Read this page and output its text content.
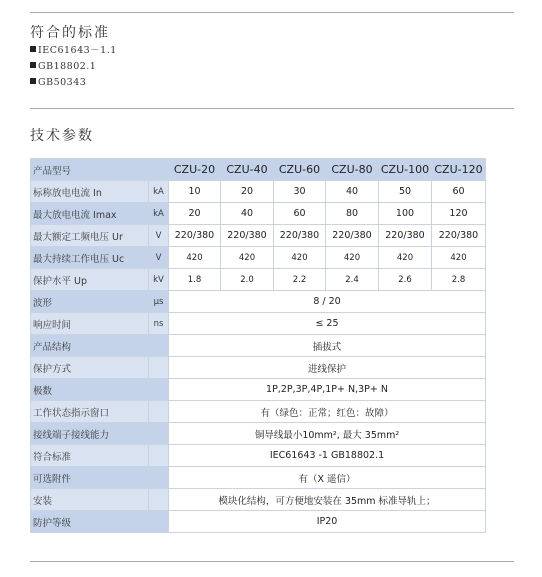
符合的标准
IEC61643－1.1
GB18802.1
GB50343
技术参数
产品型号		CZU-20	CZU-40	CZU-60	CZU-80	CZU-100	CZU-120
标称放电电流 In	kA	10	20	30	40	50	60
最大放电电流 Imax	kA	20	40	60	80	100	120
最大额定工频电压 Ur	V	220/380	220/380	220/380	220/380	220/380	220/380
最大持续工作电压 Uc	V	420	420	420	420	420	420
保护水平 Up	kV	1.8	2.0	2.2	2.4	2.6	2.8
波形	μs	8 / 20					
响应时间	ns	≤ 25					
产品结构		插拔式					
保护方式		进线保护					
极数		1P,2P,3P,4P,1P+ N,3P+ N					
工作状态指示窗口		有（绿色：正常；红色：故障）					
接线端子接线能力		铜导线最小10mm², 最大 35mm²					
符合标准		IEC61643 -1 GB18802.1					
可选附件		有（X 遥信）					
安装		模块化结构，可方便地安装在 35mm 标准导轨上；					
防护等级		IP20					
